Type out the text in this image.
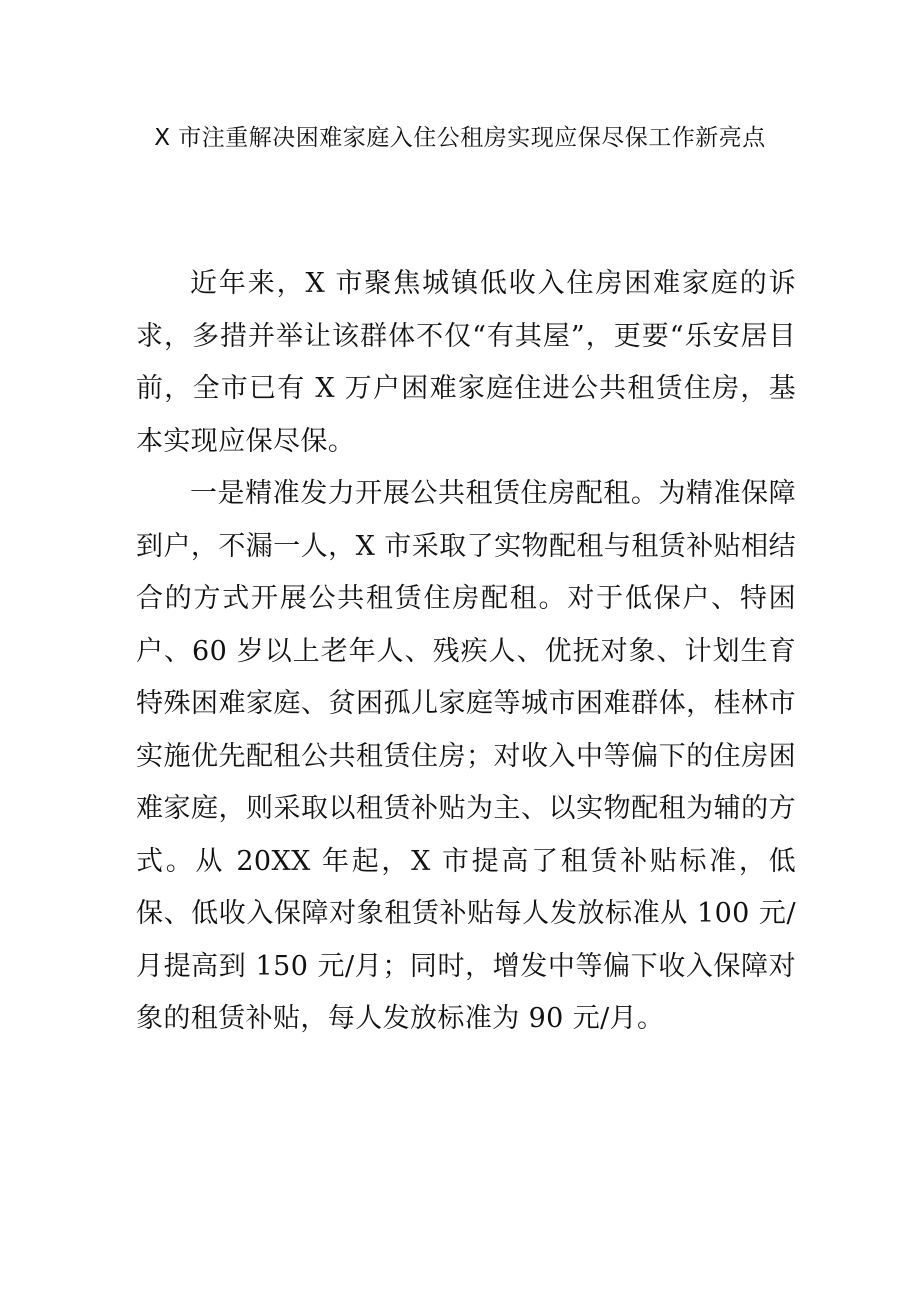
X 市注重解决困难家庭入住公租房实现应保尽保工作新亮点

近年来，X 市聚焦城镇低收入住房困难家庭的诉求，多措并举让该群体不仅“有其屋”，更要“乐安居目前，全市已有 X 万户困难家庭住进公共租赁住房，基本实现应保尽保。

一是精准发力开展公共租赁住房配租。为精准保障到户，不漏一人，X 市采取了实物配租与租赁补贴相结合的方式开展公共租赁住房配租。对于低保户、特困户、60 岁以上老年人、残疾人、优抚对象、计划生育特殊困难家庭、贫困孤儿家庭等城市困难群体，桂林市实施优先配租公共租赁住房；对收入中等偏下的住房困难家庭，则采取以租赁补贴为主、以实物配租为辅的方式。从 20XX 年起，X 市提高了租赁补贴标准，低保、低收入保障对象租赁补贴每人发放标准从 100 元/月提高到 150 元/月；同时，增发中等偏下收入保障对象的租赁补贴，每人发放标准为 90 元/月。
